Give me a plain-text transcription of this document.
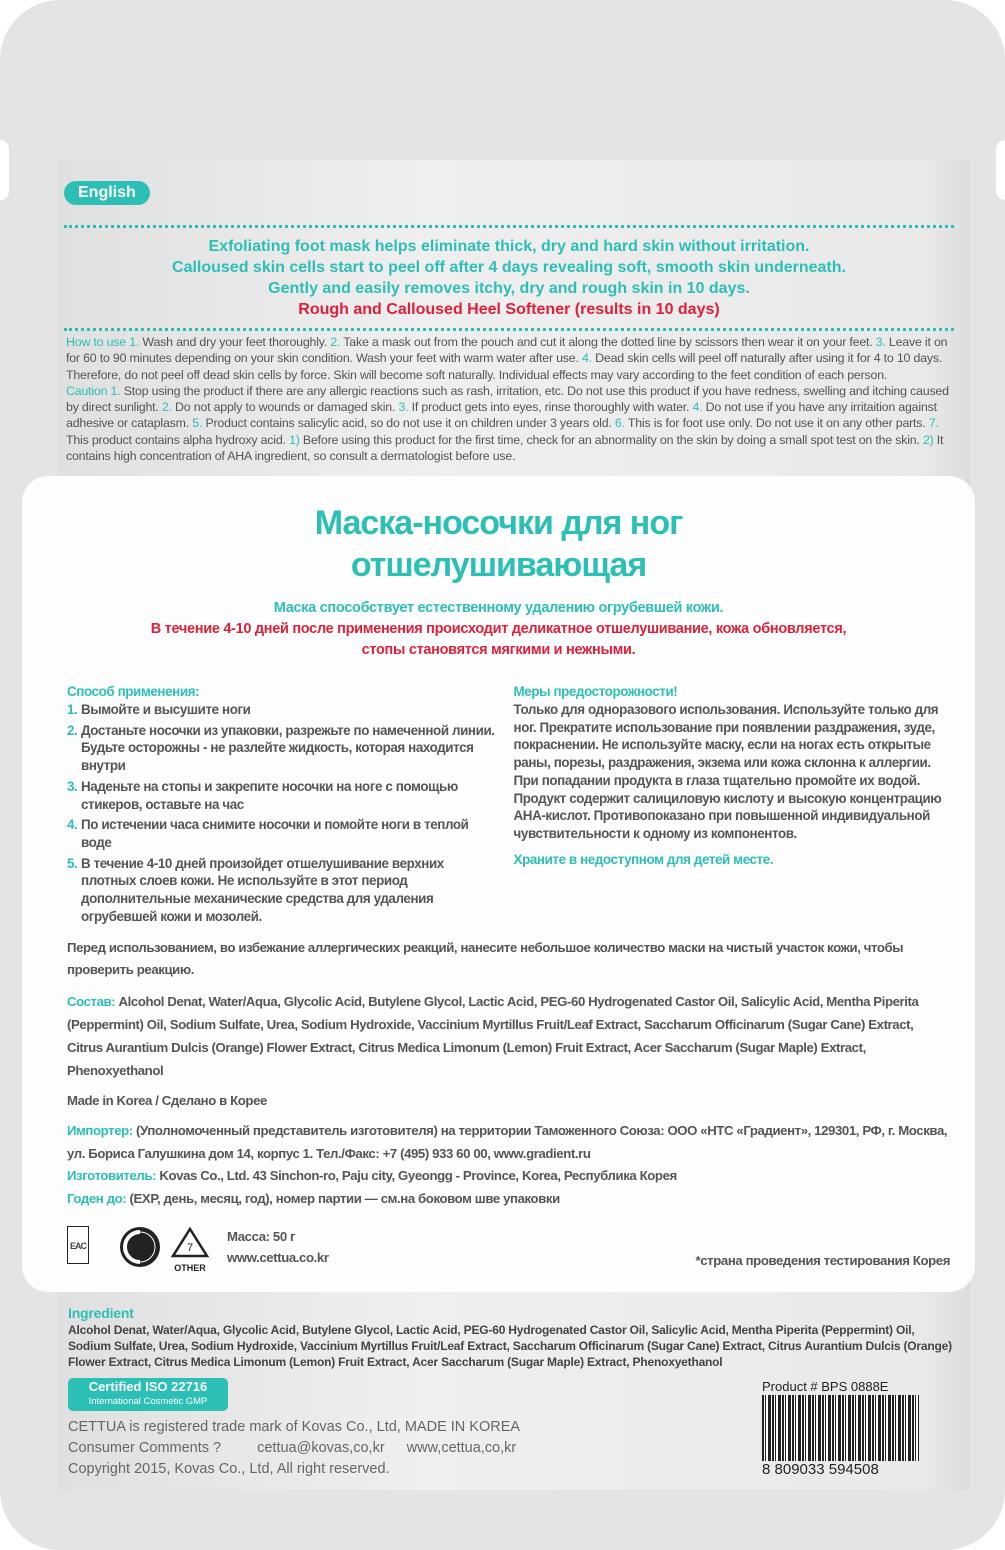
English
Exfoliating foot mask helps eliminate thick, dry and hard skin without irritation.
Calloused skin cells start to peel off after 4 days revealing soft, smooth skin underneath.
Gently and easily removes itchy, dry and rough skin in 10 days.
Rough and Calloused Heel Softener (results in 10 days)
How to use 1. Wash and dry your feet thoroughly. 2. Take a mask out from the pouch and cut it along the dotted line by scissors then wear it on your feet. 3. Leave it on for 60 to 90 minutes depending on your skin condition. Wash your feet with warm water after use. 4. Dead skin cells will peel off naturally after using it for 4 to 10 days. Therefore, do not peel off dead skin cells by force. Skin will become soft naturally. Individual effects may vary according to the feet condition of each person.
Caution 1. Stop using the product if there are any allergic reactions such as rash, irritation, etc. Do not use this product if you have redness, swelling and itching caused by direct sunlight. 2. Do not apply to wounds or damaged skin. 3. If product gets into eyes, rinse thoroughly with water. 4. Do not use if you have any irritaition against adhesive or cataplasm. 5. Product contains salicylic acid, so do not use it on children under 3 years old. 6. This is for foot use only. Do not use it on any other parts. 7. This product contains alpha hydroxy acid. 1) Before using this product for the first time, check for an abnormality on the skin by doing a small spot test on the skin. 2) It contains high concentration of AHA ingredient, so consult a dermatologist before use.
Маска-носочки для ног
отшелушивающая
Маска способствует естественному удалению огрубевшей кожи.
В течение 4-10 дней после применения происходит деликатное отшелушивание, кожа обновляется,
стопы становятся мягкими и нежными.
Способ применения:
1. Вымойте и высушите ноги
2. Достаньте носочки из упаковки, разрежьте по намеченной линии. Будьте осторожны - не разлейте жидкость, которая находится внутри
3. Наденьте на стопы и закрепите носочки на ноге с помощью стикеров, оставьте на час
4. По истечении часа снимите носочки и помойте ноги в теплой воде
5. В течение 4-10 дней произойдет отшелушивание верхних плотных слоев кожи. Не используйте в этот период дополнительные механические средства для удаления огрубевшей кожи и мозолей.
Меры предосторожности!
Только для одноразового использования. Используйте только для ног. Прекратите использование при появлении раздражения, зуде, покраснении. Не используйте маску, если на ногах есть открытые раны, порезы, раздражения, экзема или кожа склонна к аллергии. При попадании продукта в глаза тщательно промойте их водой. Продукт содержит салициловую кислоту и высокую концентрацию АНА-кислот. Противопоказано при повышенной индивидуальной чувствительности к одному из компонентов.
Храните в недоступном для детей месте.
Перед использованием, во избежание аллергических реакций, нанесите небольшое количество маски на чистый участок кожи, чтобы проверить реакцию.
Состав: Alcohol Denat, Water/Aqua, Glycolic Acid, Butylene Glycol, Lactic Acid, PEG-60 Hydrogenated Castor Oil, Salicylic Acid, Mentha Piperita (Peppermint) Oil, Sodium Sulfate, Urea, Sodium Hydroxide, Vaccinium Myrtillus Fruit/Leaf Extract, Saccharum Officinarum (Sugar Cane) Extract, Citrus Aurantium Dulcis (Orange) Flower Extract, Citrus Medica Limonum (Lemon) Fruit Extract, Acer Saccharum (Sugar Maple) Extract, Phenoxyethanol
Made in Korea / Сделано в Корее
Импортер: (Уполномоченный представитель изготовителя) на территории Таможенного Союза: ООО «НТС «Градиент», 129301, РФ, г. Москва, ул. Бориса Галушкина дом 14, корпус 1. Тел./Факс: +7 (495) 933 60 00, www.gradient.ru
Изготовитель: Kovas Co., Ltd. 43 Sinchon-ro, Paju city, Gyeongg - Province, Korea, Республика Корея
Годен до: (EXP, день, месяц, год), номер партии — см.на боковом шве упаковки
EAC	7
OTHER
Масса: 50 г
www.cettua.co.kr	*страна проведения тестирования Корея
Ingredient
Alcohol Denat, Water/Aqua, Glycolic Acid, Butylene Glycol, Lactic Acid, PEG-60 Hydrogenated Castor Oil, Salicylic Acid, Mentha Piperita (Peppermint) Oil, Sodium Sulfate, Urea, Sodium Hydroxide, Vaccinium Myrtillus Fruit/Leaf Extract, Saccharum Officinarum (Sugar Cane) Extract, Citrus Aurantium Dulcis (Orange) Flower Extract, Citrus Medica Limonum (Lemon) Fruit Extract, Acer Saccharum (Sugar Maple) Extract, Phenoxyethanol
Certified ISO 22716
International Cosmetic GMP
CETTUA is registered trade mark of Kovas Co., Ltd, MADE IN KOREA
Consumer Comments ? cettua@kovas,co,kr www,cettua,co,kr
Copyright 2015, Kovas Co., Ltd, All right reserved.
Product # BPS 0888E
8 809033 594508
